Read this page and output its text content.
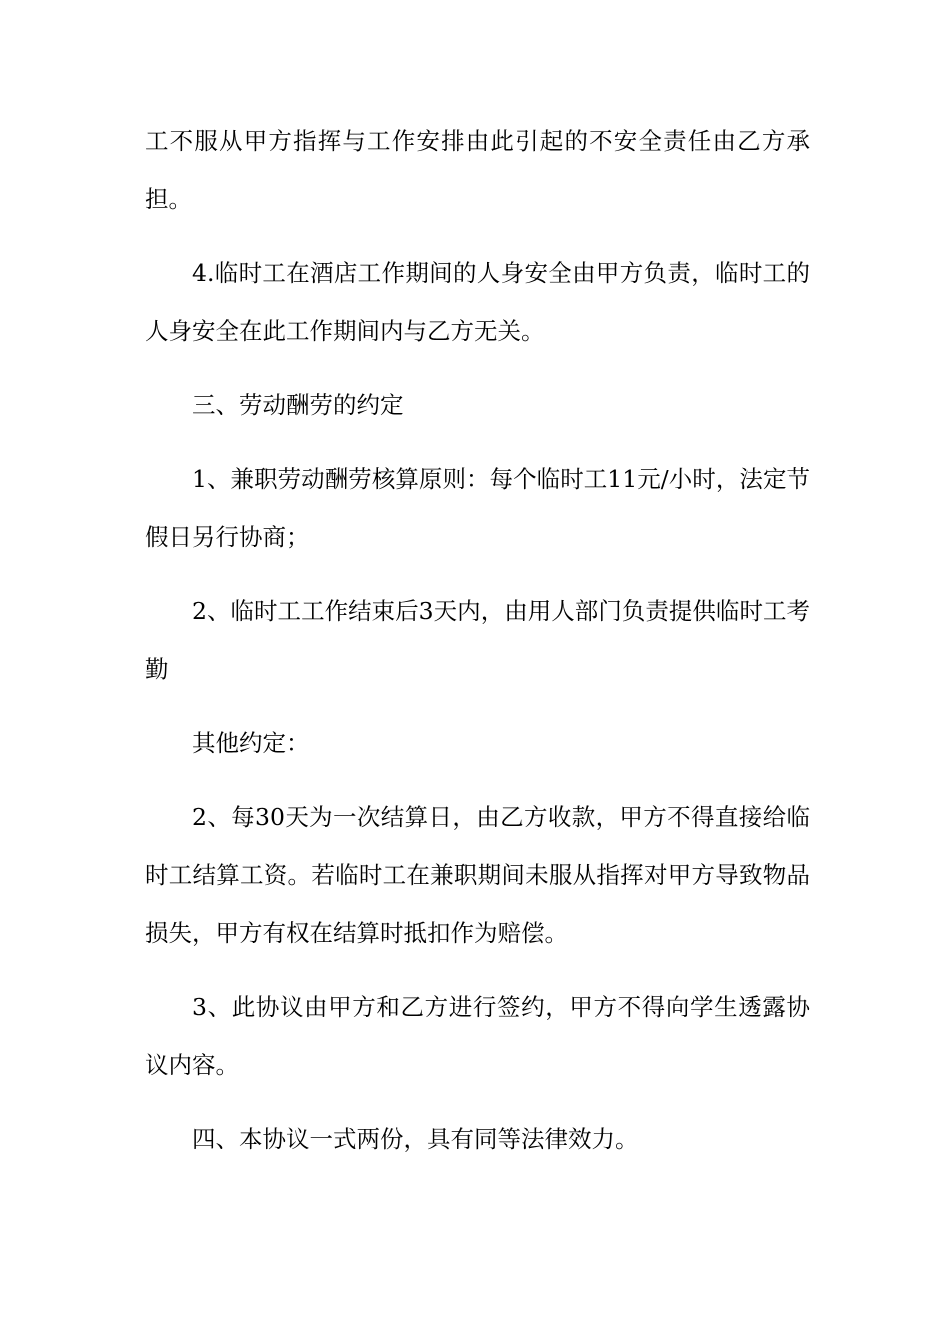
工不服从甲方指挥与工作安排由此引起的不安全责任由乙方承担。

4.临时工在酒店工作期间的人身安全由甲方负责，临时工的人身安全在此工作期间内与乙方无关。

三、劳动酬劳的约定

1、兼职劳动酬劳核算原则：每个临时工11元/小时，法定节假日另行协商；

2、临时工工作结束后3天内，由用人部门负责提供临时工考勤

其他约定：

2、每30天为一次结算日，由乙方收款，甲方不得直接给临时工结算工资。若临时工在兼职期间未服从指挥对甲方导致物品损失，甲方有权在结算时抵扣作为赔偿。

3、此协议由甲方和乙方进行签约，甲方不得向学生透露协议内容。

四、本协议一式两份，具有同等法律效力。
